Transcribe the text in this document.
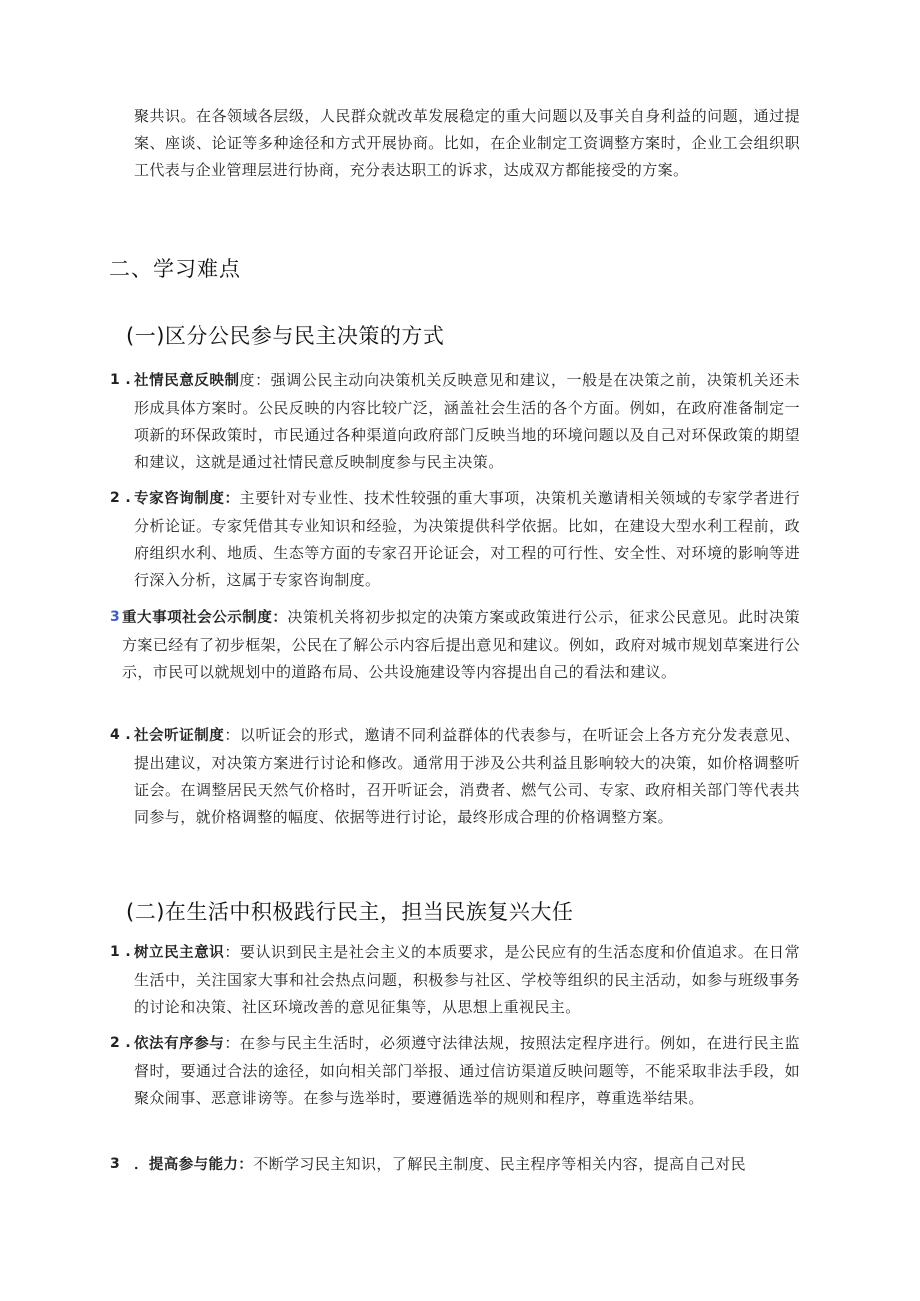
聚共识。在各领域各层级，人民群众就改革发展稳定的重大问题以及事关自身利益的问题，通过提案、座谈、论证等多种途径和方式开展协商。比如，在企业制定工资调整方案时，企业工会组织职工代表与企业管理层进行协商，充分表达职工的诉求，达成双方都能接受的方案。
二、学习难点
(一)区分公民参与民主决策的方式
1 . 社情民意反映制度：强调公民主动向决策机关反映意见和建议，一般是在决策之前，决策机关还未形成具体方案时。公民反映的内容比较广泛，涵盖社会生活的各个方面。例如，在政府准备制定一项新的环保政策时，市民通过各种渠道向政府部门反映当地的环境问题以及自己对环保政策的期望和建议，这就是通过社情民意反映制度参与民主决策。
2 . 专家咨询制度：主要针对专业性、技术性较强的重大事项，决策机关邀请相关领域的专家学者进行分析论证。专家凭借其专业知识和经验，为决策提供科学依据。比如，在建设大型水利工程前，政府组织水利、地质、生态等方面的专家召开论证会，对工程的可行性、安全性、对环境的影响等进行深入分析，这属于专家咨询制度。
3 重大事项社会公示制度：决策机关将初步拟定的决策方案或政策进行公示，征求公民意见。此时决策方案已经有了初步框架，公民在了解公示内容后提出意见和建议。例如，政府对城市规划草案进行公示，市民可以就规划中的道路布局、公共设施建设等内容提出自己的看法和建议。
4 . 社会听证制度：以听证会的形式，邀请不同利益群体的代表参与，在听证会上各方充分发表意见、提出建议，对决策方案进行讨论和修改。通常用于涉及公共利益且影响较大的决策，如价格调整听证会。在调整居民天然气价格时，召开听证会，消费者、燃气公司、专家、政府相关部门等代表共同参与，就价格调整的幅度、依据等进行讨论，最终形成合理的价格调整方案。
(二)在生活中积极践行民主，担当民族复兴大任
1 . 树立民主意识：要认识到民主是社会主义的本质要求，是公民应有的生活态度和价值追求。在日常生活中，关注国家大事和社会热点问题，积极参与社区、学校等组织的民主活动，如参与班级事务的讨论和决策、社区环境改善的意见征集等，从思想上重视民主。
2 . 依法有序参与：在参与民主生活时，必须遵守法律法规，按照法定程序进行。例如，在进行民主监督时，要通过合法的途径，如向相关部门举报、通过信访渠道反映问题等，不能采取非法手段，如聚众闹事、恶意诽谤等。在参与选举时，要遵循选举的规则和程序，尊重选举结果。
3 ．提高参与能力：不断学习民主知识，了解民主制度、民主程序等相关内容，提高自己对民
